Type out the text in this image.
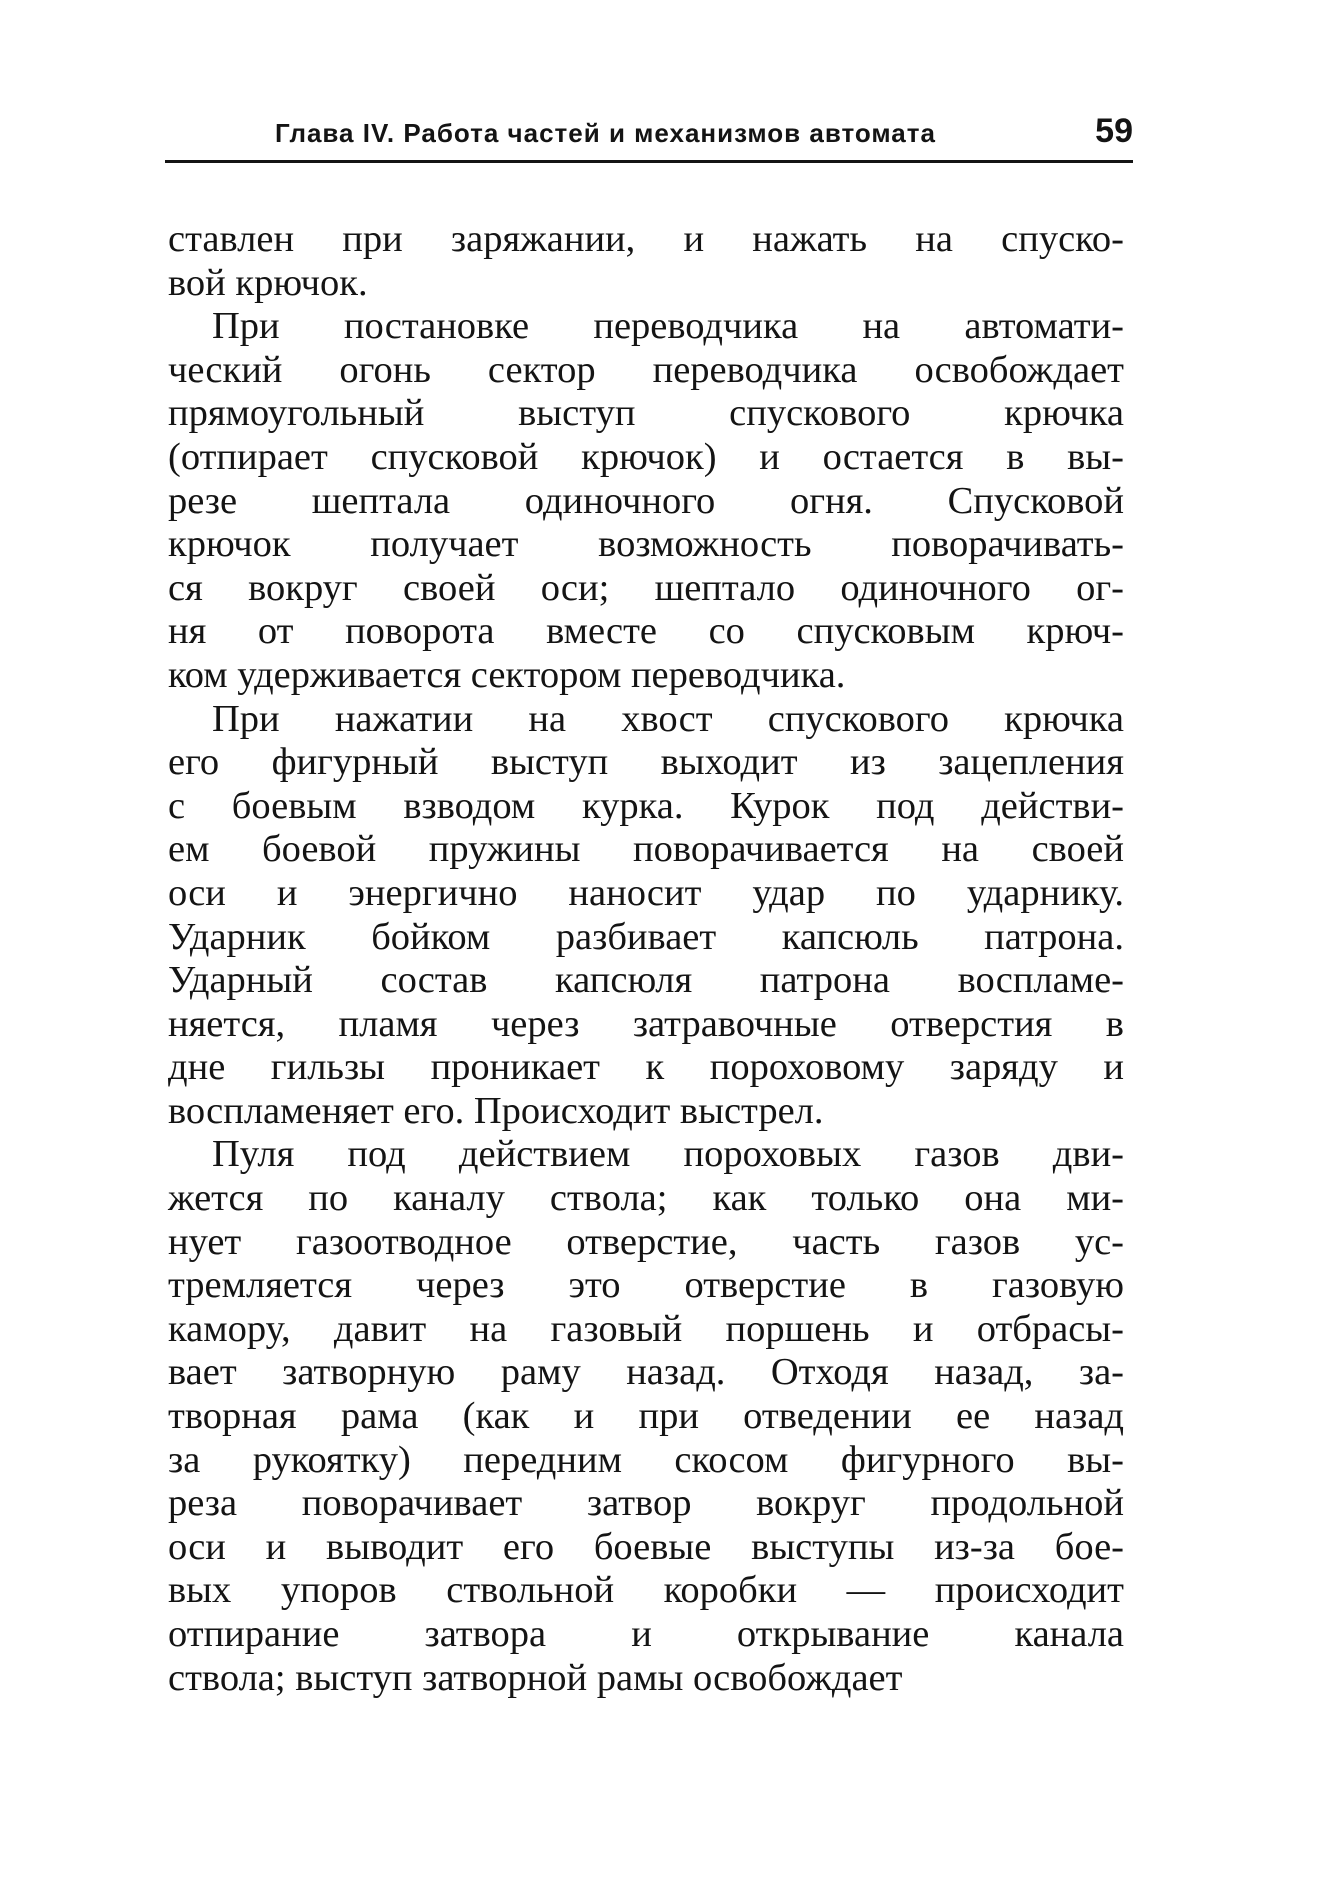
Глава IV. Работа частей и механизмов автомата	59
ставлен при заряжании, и нажать на спуско-
вой крючок.
При постановке переводчика на автомати-
ческий огонь сектор переводчика освобождает
прямоугольный выступ спускового крючка
(отпирает спусковой крючок) и остается в вы-
резе шептала одиночного огня. Спусковой
крючок получает возможность поворачивать-
ся вокруг своей оси; шептало одиночного ог-
ня от поворота вместе со спусковым крюч-
ком удерживается сектором переводчика.
При нажатии на хвост спускового крючка
его фигурный выступ выходит из зацепления
с боевым взводом курка. Курок под действи-
ем боевой пружины поворачивается на своей
оси и энергично наносит удар по ударнику.
Ударник бойком разбивает капсюль патрона.
Ударный состав капсюля патрона воспламе-
няется, пламя через затравочные отверстия в
дне гильзы проникает к пороховому заряду и
воспламеняет его. Происходит выстрел.
Пуля под действием пороховых газов дви-
жется по каналу ствола; как только она ми-
нует газоотводное отверстие, часть газов ус-
тремляется через это отверстие в газовую
камору, давит на газовый поршень и отбрасы-
вает затворную раму назад. Отходя назад, за-
творная рама (как и при отведении ее назад
за рукоятку) передним скосом фигурного вы-
реза поворачивает затвор вокруг продольной
оси и выводит его боевые выступы из-за бое-
вых упоров ствольной коробки — происходит
отпирание затвора и открывание канала
ствола; выступ затворной рамы освобождает
